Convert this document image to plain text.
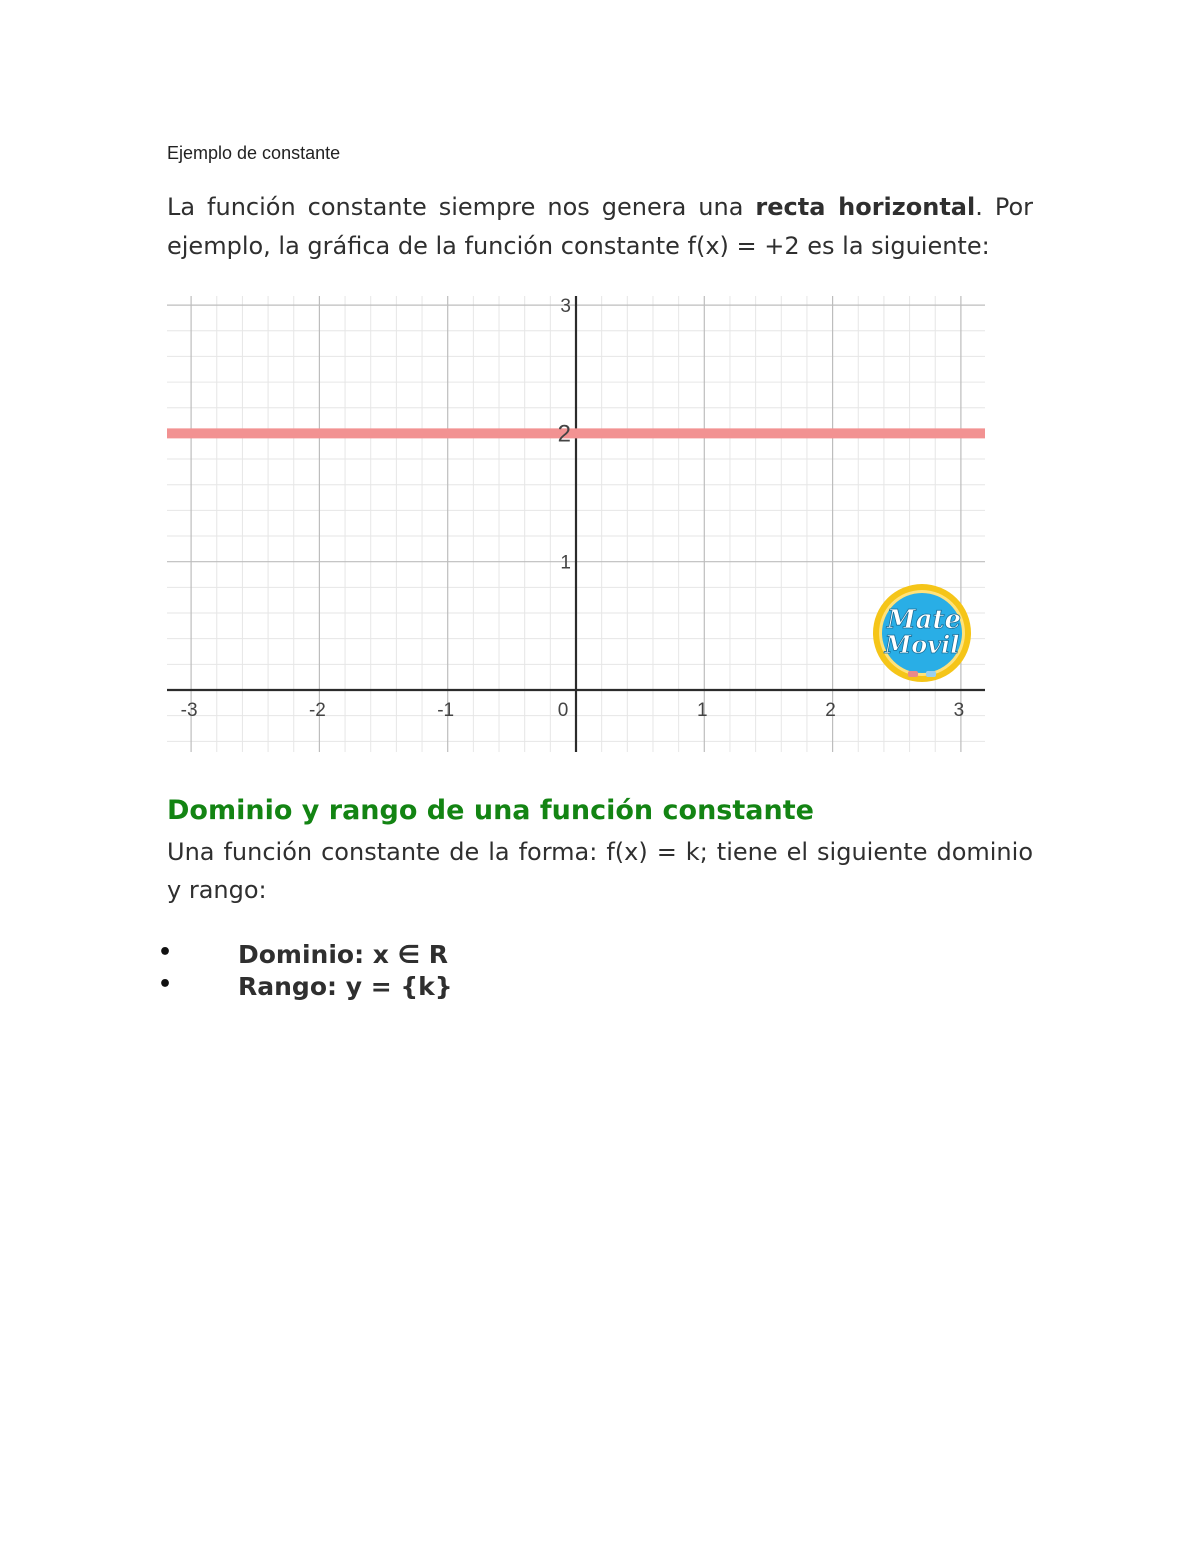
Ejemplo de constante
La función constante siempre nos genera una recta horizontal. Por ejemplo, la gráfica de la función constante f(x) = +2 es la siguiente:
-3	-2	-1	0	1	2	3
1
2
3
Mate
Movil
Dominio y rango de una función constante
Una función constante de la forma: f(x) = k; tiene el siguiente dominio y rango:
•	Dominio: x ∈ R
•	Rango: y = {k}
